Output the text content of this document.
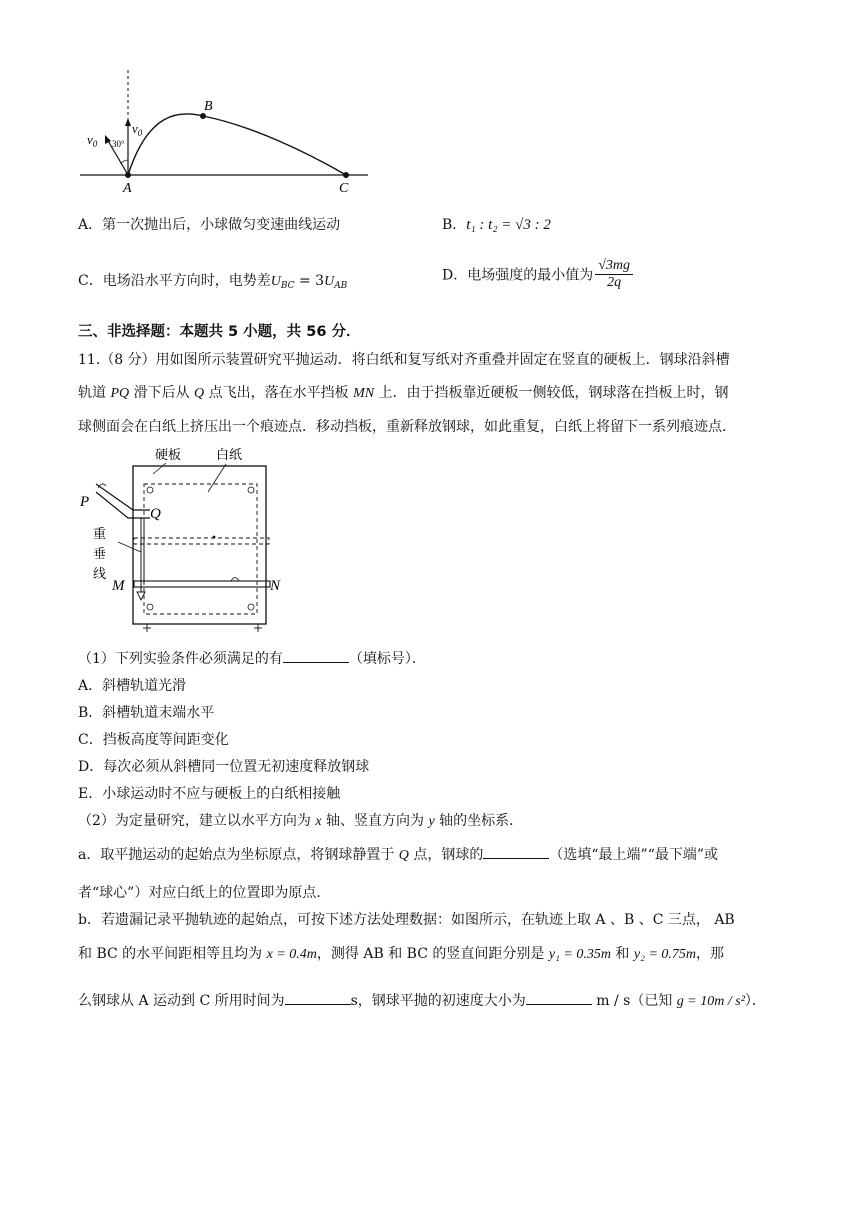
30°
$v_0$
$v_0$
B
A	C
A．第一次抛出后，小球做匀变速曲线运动	B．t₁ : t₂ = √3 : 2
C．电场沿水平方向时，电势差$U_{BC} = 3U_{AB}$
D．电场强度的最小值为 $\frac{√3mg}{2q}$
三、非选择题：本题共 5 小题，共 56 分．
11.（8 分）用如图所示装置研究平抛运动．将白纸和复写纸对齐重叠并固定在竖直的硬板上．钢球沿斜槽
轨道 PQ 滑下后从 Q 点飞出，落在水平挡板 MN 上．由于挡板靠近硬板一侧较低，钢球落在挡板上时，钢
球侧面会在白纸上挤压出一个痕迹点．移动挡板，重新释放钢球，如此重复，白纸上将留下一系列痕迹点．
硬板	白纸
P
Q
重
垂
线
M	N
（1）下列实验条件必须满足的有	（填标号）．
A．斜槽轨道光滑
B．斜槽轨道末端水平
C．挡板高度等间距变化
D．每次必须从斜槽同一位置无初速度释放钢球
E．小球运动时不应与硬板上的白纸相接触
（2）为定量研究，建立以水平方向为 x 轴、竖直方向为 y 轴的坐标系．
a．取平抛运动的起始点为坐标原点，将钢球静置于 Q 点，钢球的	（选填“最上端”“最下端”或
者“球心”）对应白纸上的位置即为原点．
b．若遗漏记录平抛轨迹的起始点，可按下述方法处理数据：如图所示，在轨迹上取 A 、B 、C 三点， AB
和 BC 的水平间距相等且均为 x = 0.4m，测得 AB 和 BC 的竖直间距分别是 y₁ = 0.35m 和 y₂ = 0.75m，那
么钢球从 A 运动到 C 所用时间为	s，钢球平抛的初速度大小为	m / s（已知 g = 10m / s²）．
